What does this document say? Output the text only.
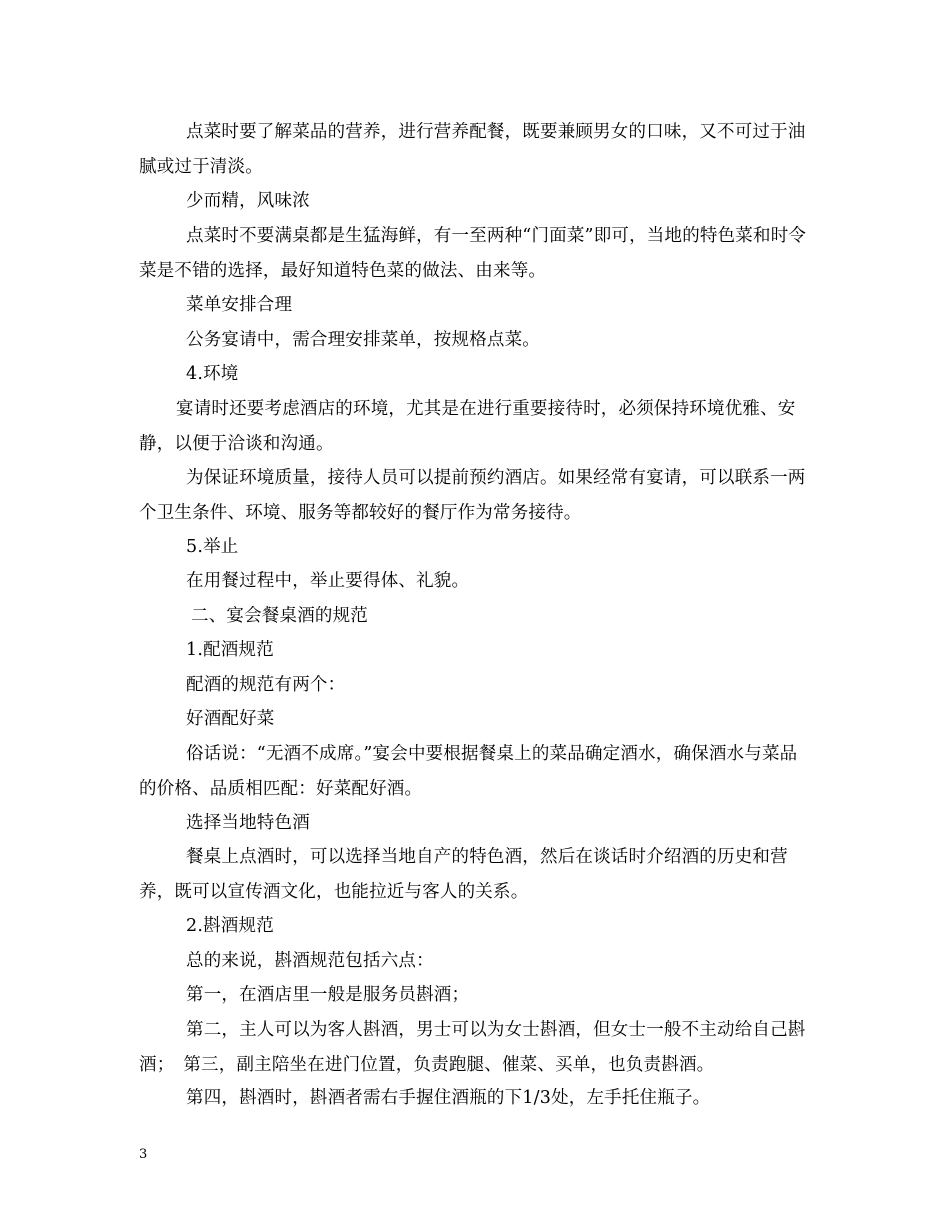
点菜时要了解菜品的营养，进行营养配餐，既要兼顾男女的口味，又不可过于油腻或过于清淡。
少而精，风味浓
点菜时不要满桌都是生猛海鲜，有一至两种“门面菜”即可，当地的特色菜和时令菜是不错的选择，最好知道特色菜的做法、由来等。
菜单安排合理
公务宴请中，需合理安排菜单，按规格点菜。
4.环境
宴请时还要考虑酒店的环境，尤其是在进行重要接待时，必须保持环境优雅、安静，以便于洽谈和沟通。
为保证环境质量，接待人员可以提前预约酒店。如果经常有宴请，可以联系一两个卫生条件、环境、服务等都较好的餐厅作为常务接待。
5.举止
在用餐过程中，举止要得体、礼貌。
二、宴会餐桌酒的规范
1.配酒规范
配酒的规范有两个：
好酒配好菜
俗话说：“无酒不成席。”宴会中要根据餐桌上的菜品确定酒水，确保酒水与菜品的价格、品质相匹配：好菜配好酒。
选择当地特色酒
餐桌上点酒时，可以选择当地自产的特色酒，然后在谈话时介绍酒的历史和营养，既可以宣传酒文化，也能拉近与客人的关系。
2.斟酒规范
总的来说，斟酒规范包括六点：
第一，在酒店里一般是服务员斟酒；
第二，主人可以为客人斟酒，男士可以为女士斟酒，但女士一般不主动给自己斟酒；　第三，副主陪坐在进门位置，负责跑腿、催菜、买单，也负责斟酒。
第四，斟酒时，斟酒者需右手握住酒瓶的下1/3处，左手托住瓶子。
3
